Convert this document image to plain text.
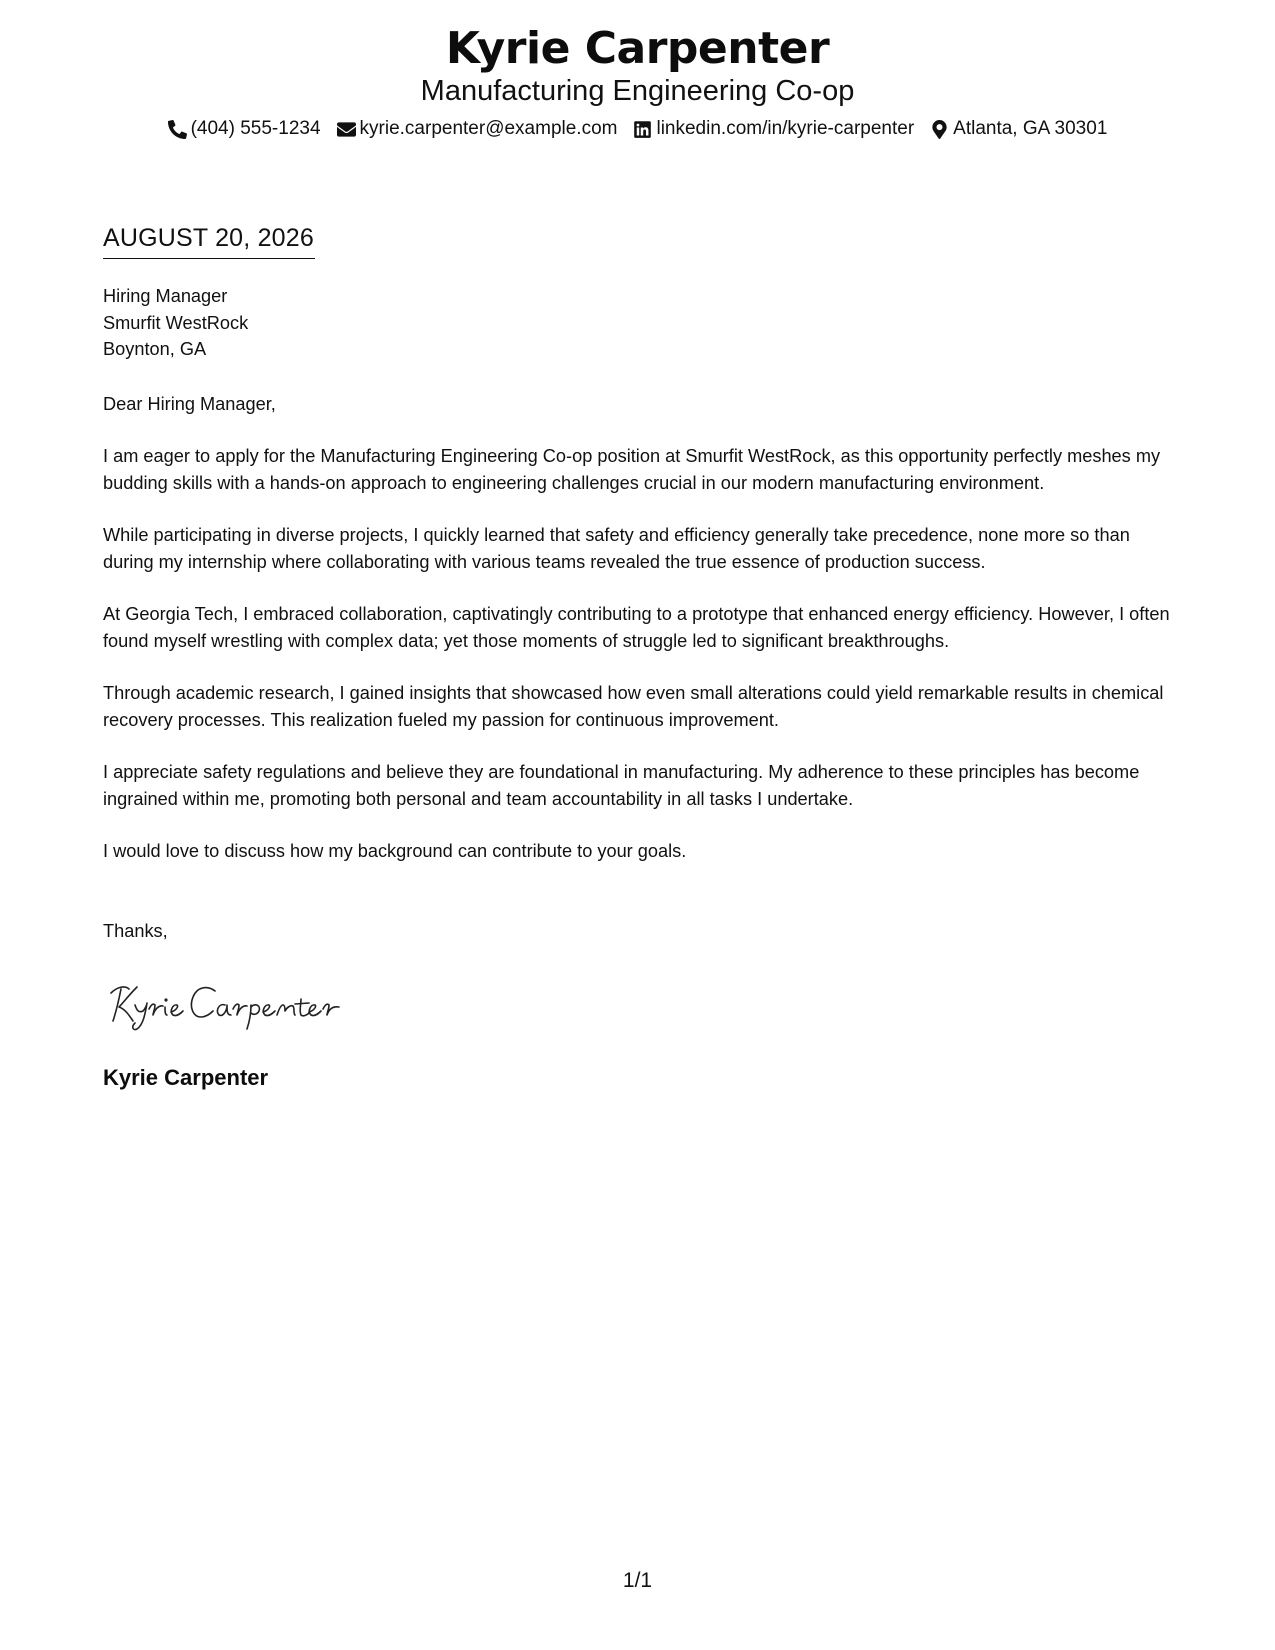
Kyrie Carpenter
Manufacturing Engineering Co-op
(404) 555-1234 kyrie.carpenter@example.com linkedin.com/in/kyrie-carpenter Atlanta, GA 30301
AUGUST 20, 2026
Hiring Manager
Smurfit WestRock
Boynton, GA
Dear Hiring Manager,
I am eager to apply for the Manufacturing Engineering Co-op position at Smurfit WestRock, as this opportunity perfectly meshes my budding skills with a hands-on approach to engineering challenges crucial in our modern manufacturing environment.
While participating in diverse projects, I quickly learned that safety and efficiency generally take precedence, none more so than during my internship where collaborating with various teams revealed the true essence of production success.
At Georgia Tech, I embraced collaboration, captivatingly contributing to a prototype that enhanced energy efficiency. However, I often found myself wrestling with complex data; yet those moments of struggle led to significant breakthroughs.
Through academic research, I gained insights that showcased how even small alterations could yield remarkable results in chemical recovery processes. This realization fueled my passion for continuous improvement.
I appreciate safety regulations and believe they are foundational in manufacturing. My adherence to these principles has become ingrained within me, promoting both personal and team accountability in all tasks I undertake.
I would love to discuss how my background can contribute to your goals.
Thanks,
Kyrie Carpenter
1/1
